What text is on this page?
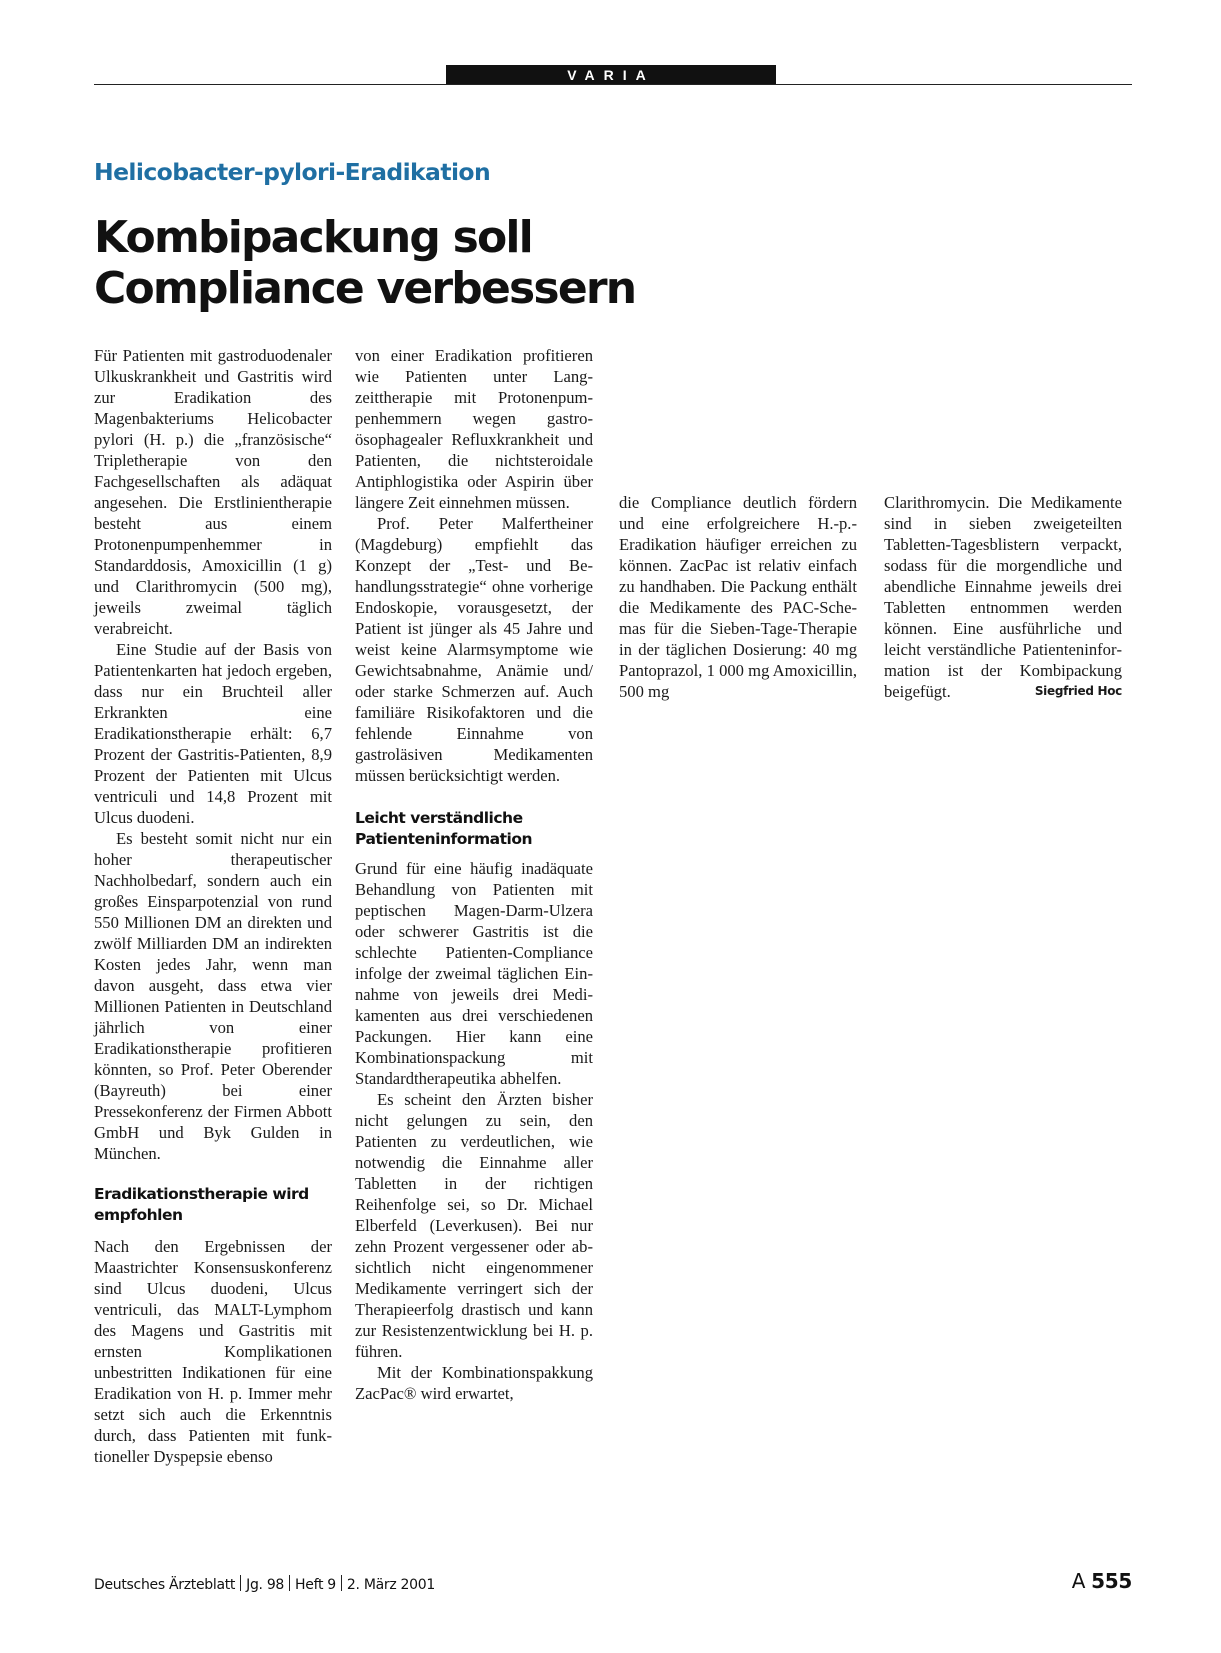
VARIA
Helicobacter-pylori-Eradikation
Kombipackung soll
Compliance verbessern

Für Patienten mit gastroduodenaler Ulkuskrankheit und Gastritis wird zur Eradikation des Magenbakteriums Helicobacter pylori (H. p.) die „französische“ Tripletherapie von den Fachgesellschaften als adäquat angesehen. Die Erstlinientherapie besteht aus einem Protonenpumpenhemmer in Standarddosis, Amoxicillin (1 g) und Clarithromycin (500 mg), jeweils zweimal täglich verabreicht.

Eine Studie auf der Basis von Patientenkarten hat jedoch ergeben, dass nur ein Bruchteil aller Erkrankten eine Eradikationstherapie erhält: 6,7 Prozent der Gastritis-Patienten, 8,9 Prozent der Patienten mit Ulcus ventriculi und 14,8 Prozent mit Ulcus duodeni.

Es besteht somit nicht nur ein hoher therapeutischer Nachholbedarf, sondern auch ein großes Einsparpotenzial von rund 550 Millionen DM an direkten und zwölf Milliarden DM an indirekten Kosten jedes Jahr, wenn man davon ausgeht, dass etwa vier Millionen Patienten in Deutschland jährlich von einer Eradikationstherapie profitieren könnten, so Prof. Peter Oberender (Bayreuth) bei einer Pressekonferenz der Firmen Abbott GmbH und Byk Gulden in München.

Eradikationstherapie wird empfohlen

Nach den Ergebnissen der Maastrichter Konsensuskonferenz sind Ulcus duodeni, Ulcus ventriculi, das MALT-Lymphom des Magens und Gastritis mit ernsten Komplikationen unbestritten Indikationen für eine Eradikation von H. p. Immer mehr setzt sich auch die Erkenntnis durch, dass Patienten mit funktioneller Dyspepsie ebenso

von einer Eradikation profitieren wie Patienten unter Langzeittherapie mit Protonenpumpenhemmern wegen gastroösophagealer Refluxkrankheit und Patienten, die nichtsteroidale Antiphlogistika oder Aspirin über längere Zeit einnehmen müssen.

Prof. Peter Malfertheiner (Magdeburg) empfiehlt das Konzept der „Test- und Behandlungsstrategie“ ohne vorherige Endoskopie, vorausgesetzt, der Patient ist jünger als 45 Jahre und weist keine Alarmsymptome wie Gewichtsabnahme, Anämie und/ oder starke Schmerzen auf. Auch familiäre Risikofaktoren und die fehlende Einnahme von gastroläsiven Medikamenten müssen berücksichtigt werden.

Leicht verständliche Patienteninformation

Grund für eine häufig inadäquate Behandlung von Patienten mit peptischen Magen-Darm-Ulzera oder schwerer Gastritis ist die schlechte Patienten-Compliance infolge der zweimal täglichen Einnahme von jeweils drei Medikamenten aus drei verschiedenen Packungen. Hier kann eine Kombinationspackung mit Standardtherapeutika abhelfen.

Es scheint den Ärzten bisher nicht gelungen zu sein, den Patienten zu verdeutlichen, wie notwendig die Einnahme aller Tabletten in der richtigen Reihenfolge sei, so Dr. Michael Elberfeld (Leverkusen). Bei nur zehn Prozent vergessener oder absichtlich nicht eingenommener Medikamente verringert sich der Therapieerfolg drastisch und kann zur Resistenzentwicklung bei H. p. führen.

Mit der Kombinationspakkung ZacPac® wird erwartet,

die Compliance deutlich fördern und eine erfolgreichere H.-p.-Eradikation häufiger erreichen zu können. ZacPac ist relativ einfach zu handhaben. Die Packung enthält die Medikamente des PAC-Schemas für die Sieben-Tage-Therapie in der täglichen Dosierung: 40 mg Pantoprazol, 1 000 mg Amoxicillin, 500 mg

Clarithromycin. Die Medikamente sind in sieben zweigeteilten Tabletten-Tagesblistern verpackt, sodass für die morgendliche und abendliche Einnahme jeweils drei Tabletten entnommen werden können. Eine ausführliche und leicht verständliche Patienteninformation ist der Kombipackung beigefügt.	Siegfried Hoc

Deutsches Ärzteblatt Jg. 98 Heft 9 2. März 2001	A 555
